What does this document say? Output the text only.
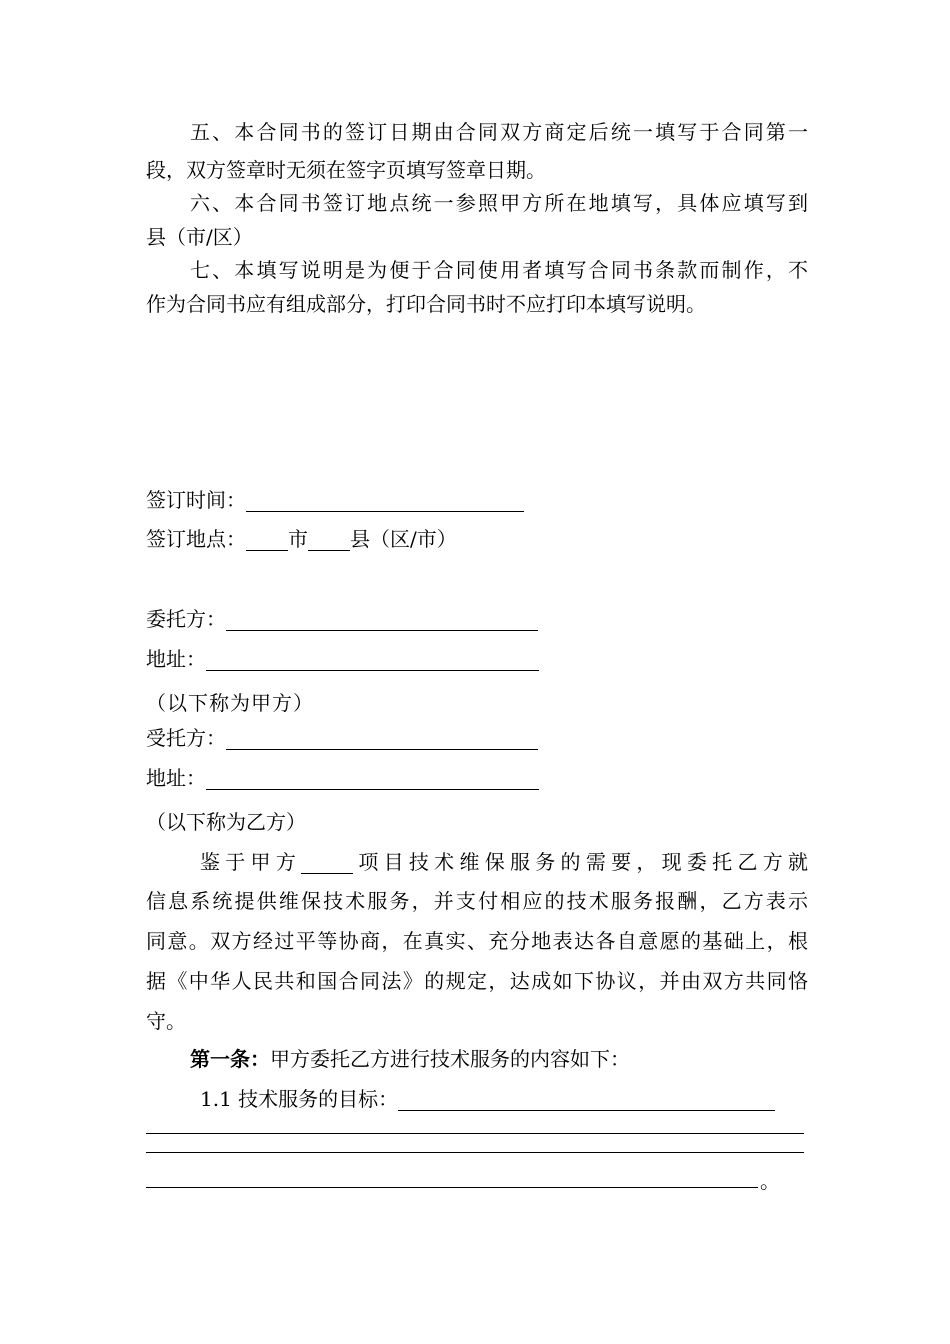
五、本合同书的签订日期由合同双方商定后统一填写于合同第一
段，双方签章时无须在签字页填写签章日期。
六、本合同书签订地点统一参照甲方所在地填写，具体应填写到
县（市/区）
七、本填写说明是为便于合同使用者填写合同书条款而制作，不
作为合同书应有组成部分，打印合同书时不应打印本填写说明。
签订时间：
签订地点： 市 县（区/市）
委托方：
地址：
（以下称为甲方）
受托方：
地址：
（以下称为乙方）
鉴于甲方	项目技术维保服务的需要，现委托乙方就
信息系统提供维保技术服务，并支付相应的技术服务报酬，乙方表示
同意。双方经过平等协商，在真实、充分地表达各自意愿的基础上，根
据《中华人民共和国合同法》的规定，达成如下协议，并由双方共同恪
守。
第一条：甲方委托乙方进行技术服务的内容如下：
1.1 技术服务的目标：
。
